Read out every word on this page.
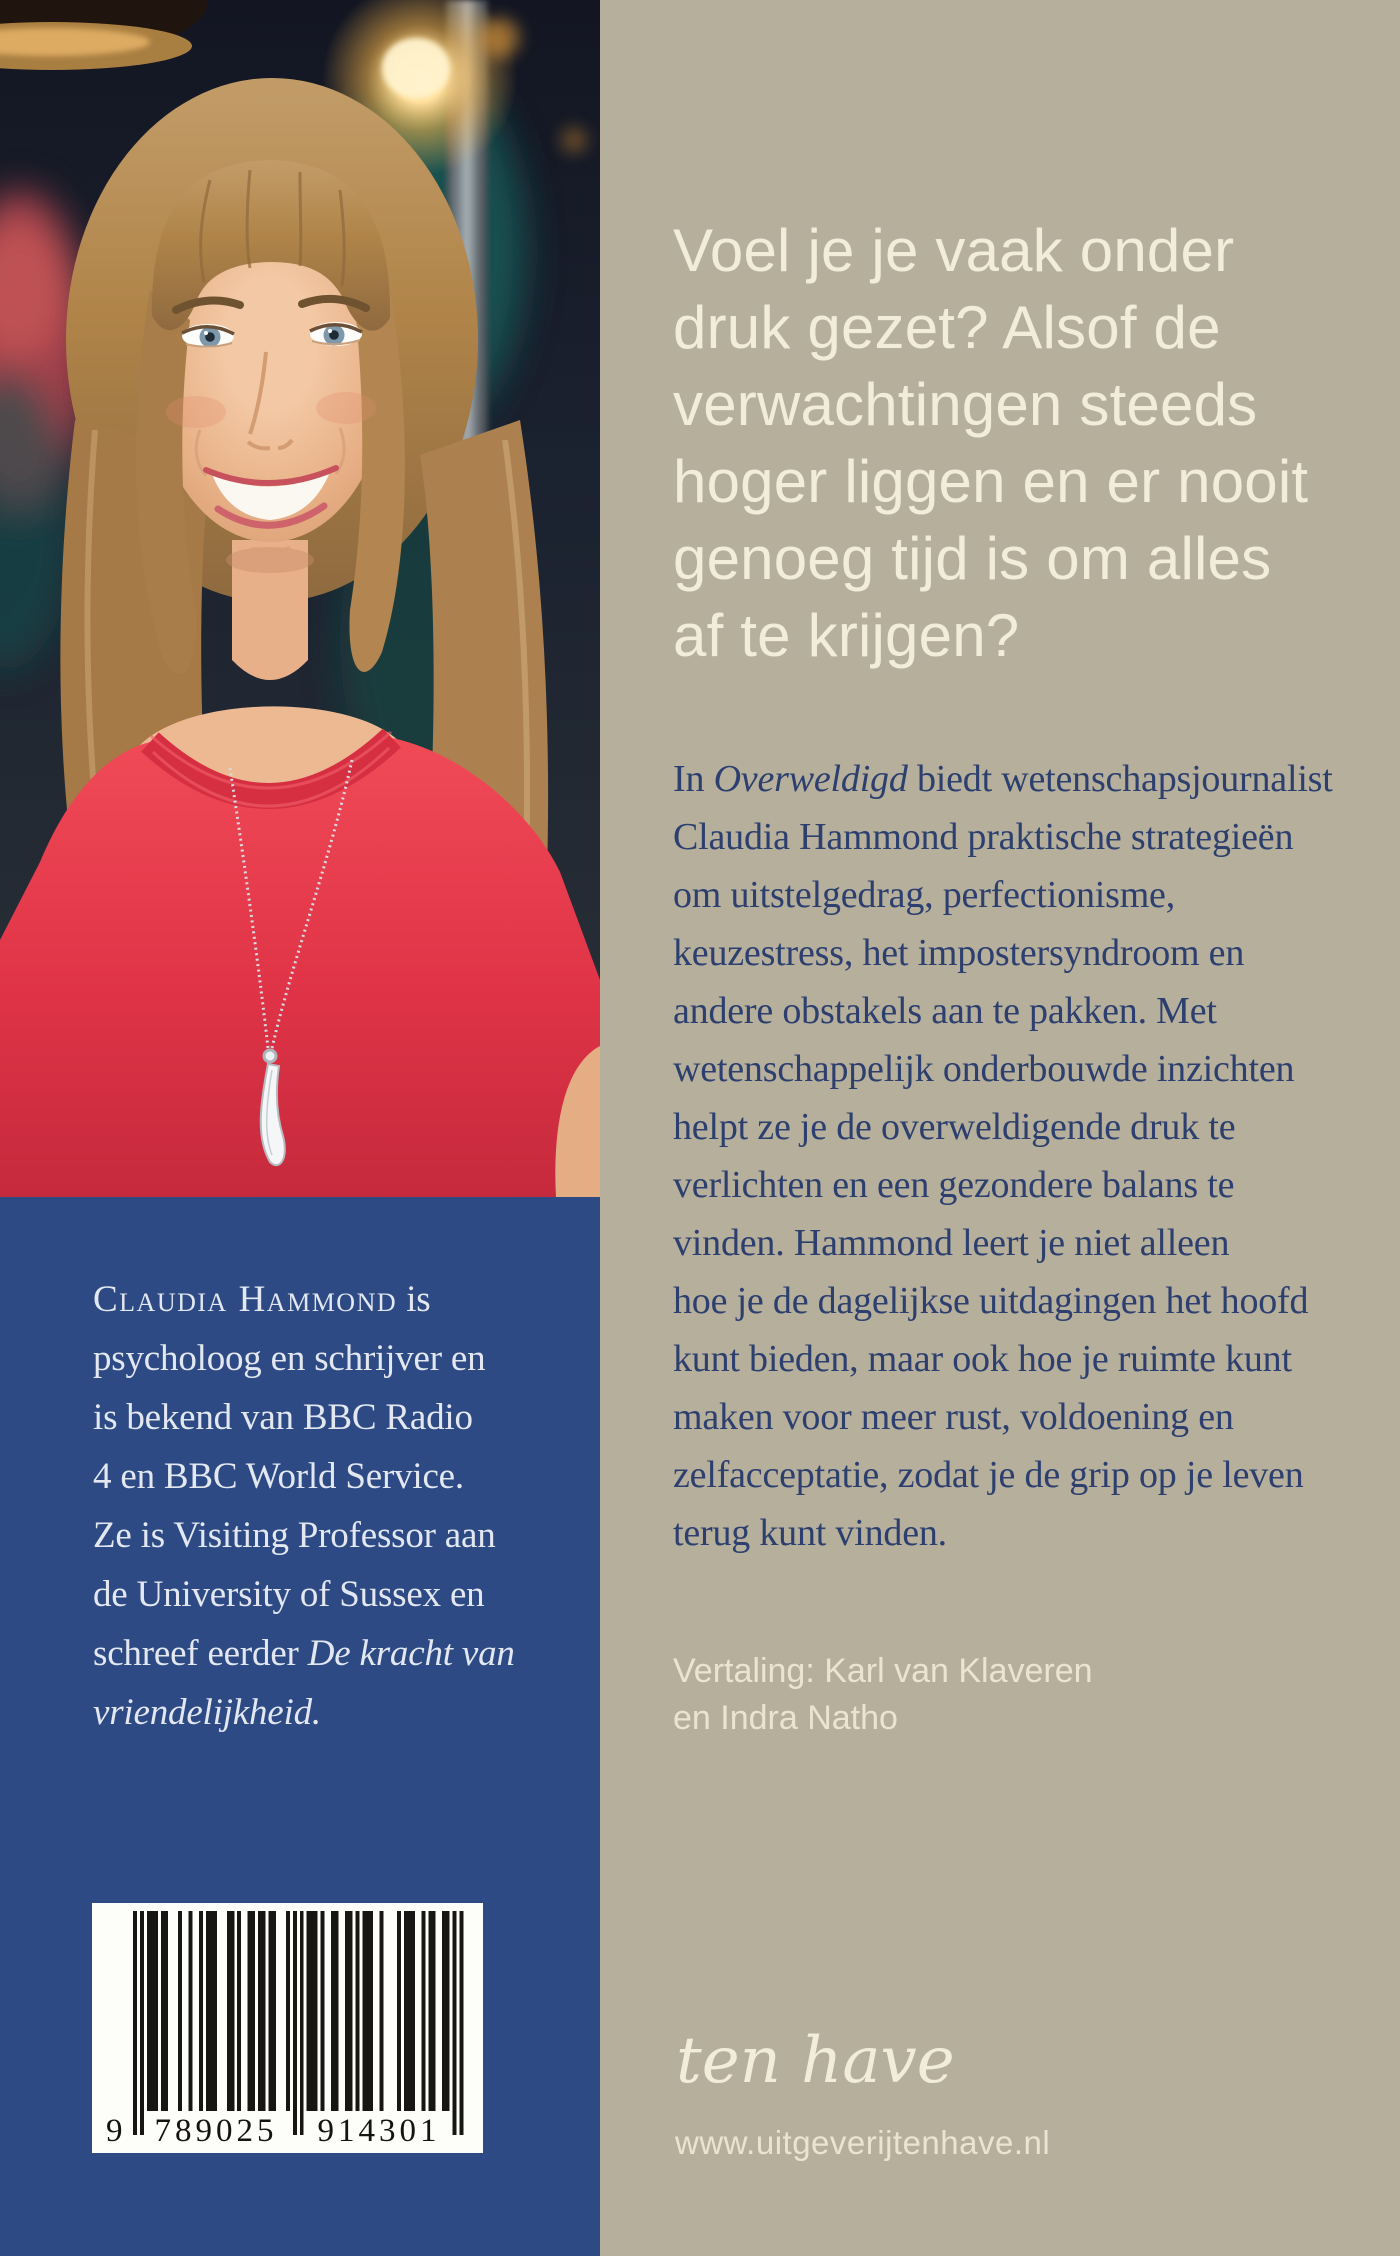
Claudia Hammond is
psycholoog en schrijver en
is bekend van BBC Radio
4 en BBC World Service.
Ze is Visiting Professor aan
de University of Sussex en
schreef eerder De kracht van
vriendelijkheid.
9 789025	914301
Voel je je vaak onder
druk gezet? Alsof de
verwachtingen steeds
hoger liggen en er nooit
genoeg tijd is om alles
af te krijgen?
In Overweldigd biedt wetenschapsjournalist
Claudia Hammond praktische strategieën
om uitstelgedrag, perfectionisme,
keuzestress, het impostersyndroom en
andere obstakels aan te pakken. Met
wetenschappelijk onderbouwde inzichten
helpt ze je de overweldigende druk te
verlichten en een gezondere balans te
vinden. Hammond leert je niet alleen
hoe je de dagelijkse uitdagingen het hoofd
kunt bieden, maar ook hoe je ruimte kunt
maken voor meer rust, voldoening en
zelfacceptatie, zodat je de grip op je leven
terug kunt vinden.
Vertaling: Karl van Klaveren
en Indra Natho
ten have
www.uitgeverijtenhave.nl
